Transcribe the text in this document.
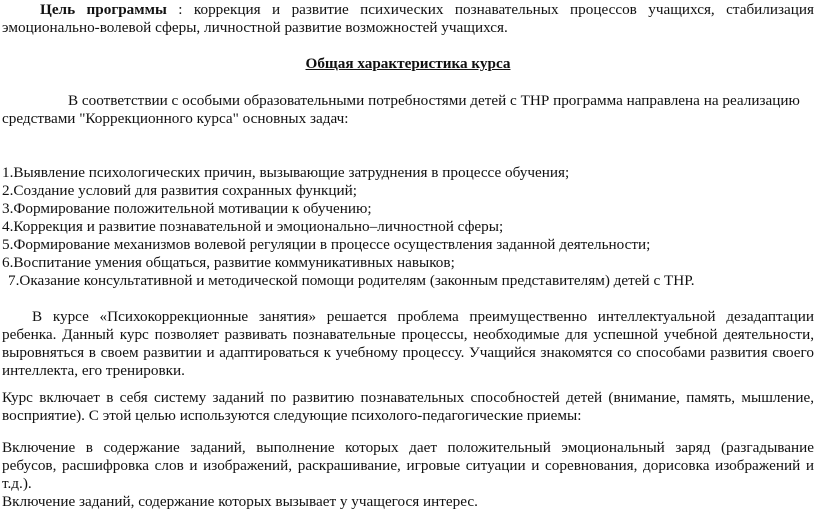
Цель программы : коррекция и развитие психических познавательных процессов учащихся, стабилизация
эмоционально-волевой сферы, личностной развитие возможностей учащихся.
Общая характеристика курса
В соответствии с особыми образовательными потребностями детей с ТНР программа направлена на реализацию
средствами "Коррекционного курса" основных задач:
1.Выявление психологических причин, вызывающие затруднения в процессе обучения;
2.Создание условий для развития сохранных функций;
3.Формирование положительной мотивации к обучению;
4.Коррекция и развитие познавательной и эмоционально–личностной сферы;
5.Формирование механизмов волевой регуляции в процессе осуществления заданной деятельности;
6.Воспитание умения общаться, развитие коммуникативных навыков;
7.Оказание консультативной и методической помощи родителям (законным представителям) детей с ТНР.
В курсе «Психокоррекционные занятия» решается проблема преимущественно интеллектуальной дезадаптации
ребенка. Данный курс позволяет развивать познавательные процессы, необходимые для успешной учебной деятельности,
выровняться в своем развитии и адаптироваться к учебному процессу. Учащийся знакомятся со способами развития своего
интеллекта, его тренировки.
Курс включает в себя систему заданий по развитию познавательных способностей детей (внимание, память, мышление,
восприятие). С этой целью используются следующие психолого-педагогические приемы:
Включение в содержание заданий, выполнение которых дает положительный эмоциональный заряд (разгадывание
ребусов, расшифровка слов и изображений, раскрашивание, игровые ситуации и соревнования, дорисовка изображений и
т.д.).
Включение заданий, содержание которых вызывает у учащегося интерес.
